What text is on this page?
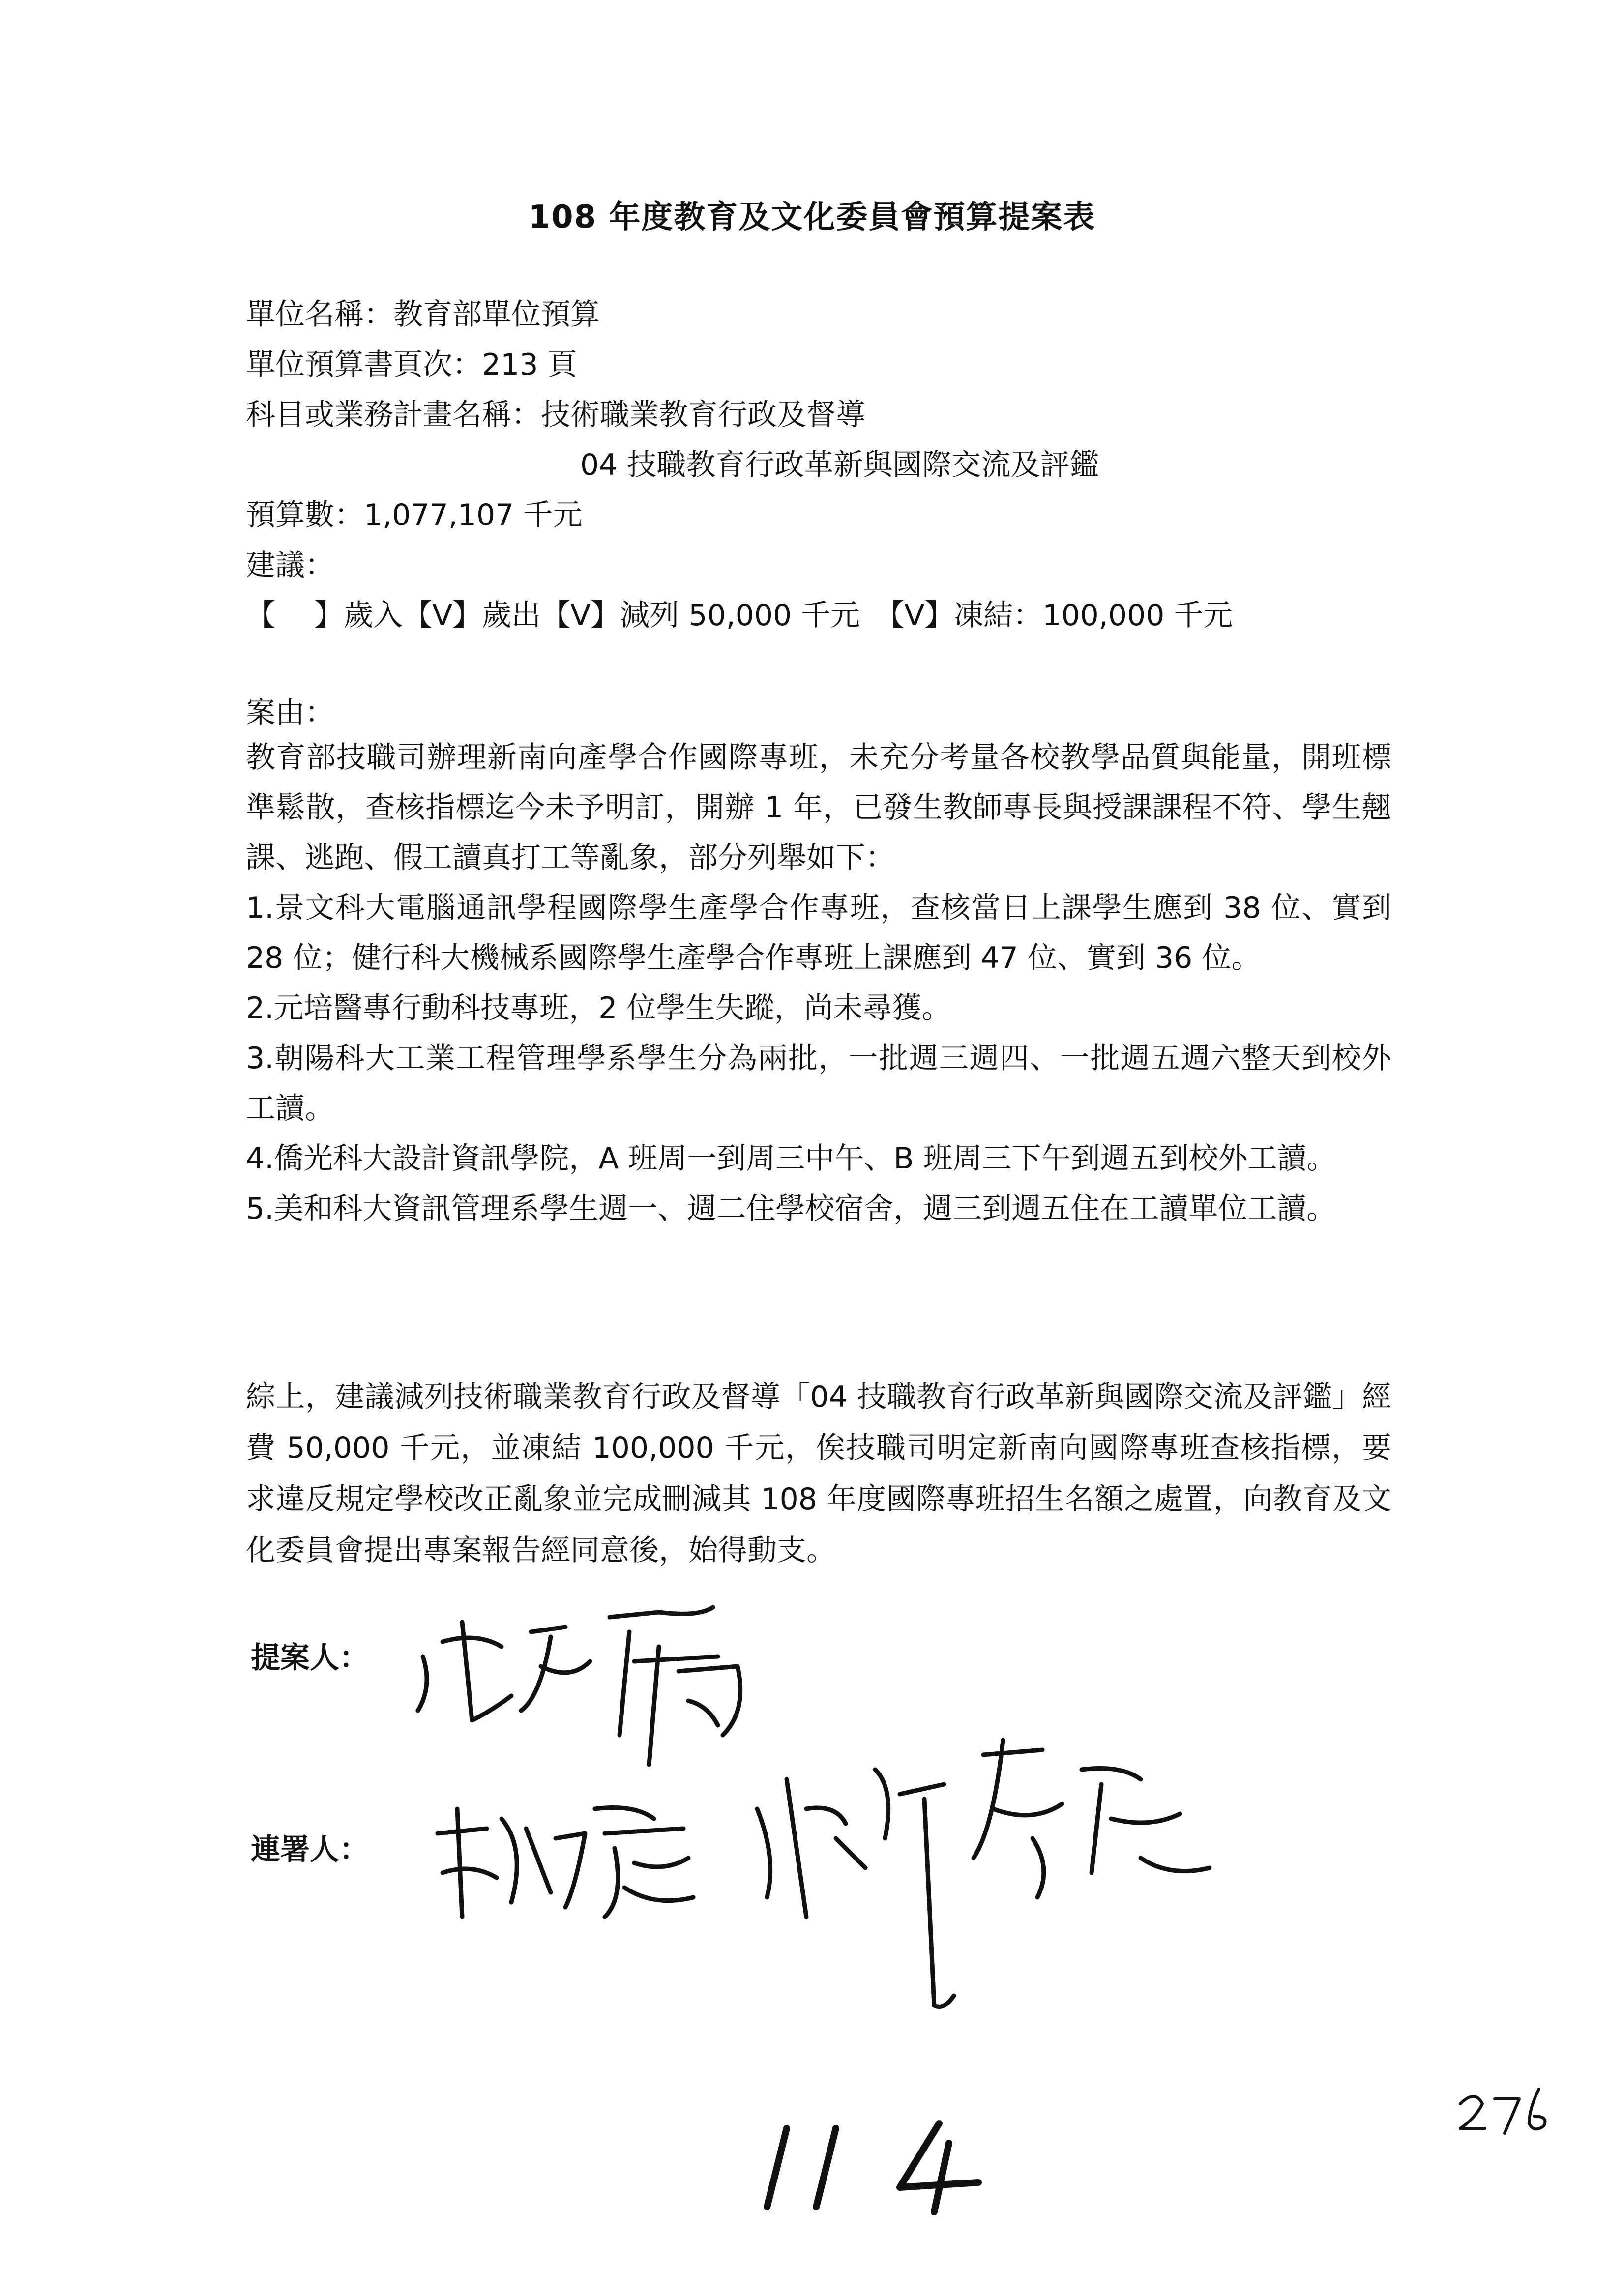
108 年度教育及文化委員會預算提案表
單位名稱：教育部單位預算
單位預算書頁次：213 頁
科目或業務計畫名稱：技術職業教育行政及督導
04 技職教育行政革新與國際交流及評鑑
預算數：1,077,107 千元
建議：
【　 】歲入【V】歲出【V】減列 50,000 千元　【V】凍結：100,000 千元
案由：

教育部技職司辦理新南向產學合作國際專班，未充分考量各校教學品質與能量，開班標準鬆散，查核指標迄今未予明訂，開辦 1 年，已發生教師專長與授課課程不符、學生翹課、逃跑、假工讀真打工等亂象，部分列舉如下：

1.景文科大電腦通訊學程國際學生產學合作專班，查核當日上課學生應到 38 位、實到 28 位；健行科大機械系國際學生產學合作專班上課應到 47 位、實到 36 位。

2.元培醫專行動科技專班，2 位學生失蹤，尚未尋獲。

3.朝陽科大工業工程管理學系學生分為兩批，一批週三週四、一批週五週六整天到校外工讀。

4.僑光科大設計資訊學院，A 班周一到周三中午、B 班周三下午到週五到校外工讀。

5.美和科大資訊管理系學生週一、週二住學校宿舍，週三到週五住在工讀單位工讀。

綜上，建議減列技術職業教育行政及督導「04 技職教育行政革新與國際交流及評鑑」經費 50,000 千元，並凍結 100,000 千元，俟技職司明定新南向國際專班查核指標，要求違反規定學校改正亂象並完成刪減其 108 年度國際專班招生名額之處置，向教育及文化委員會提出專案報告經同意後，始得動支。
提案人：
連署人：
